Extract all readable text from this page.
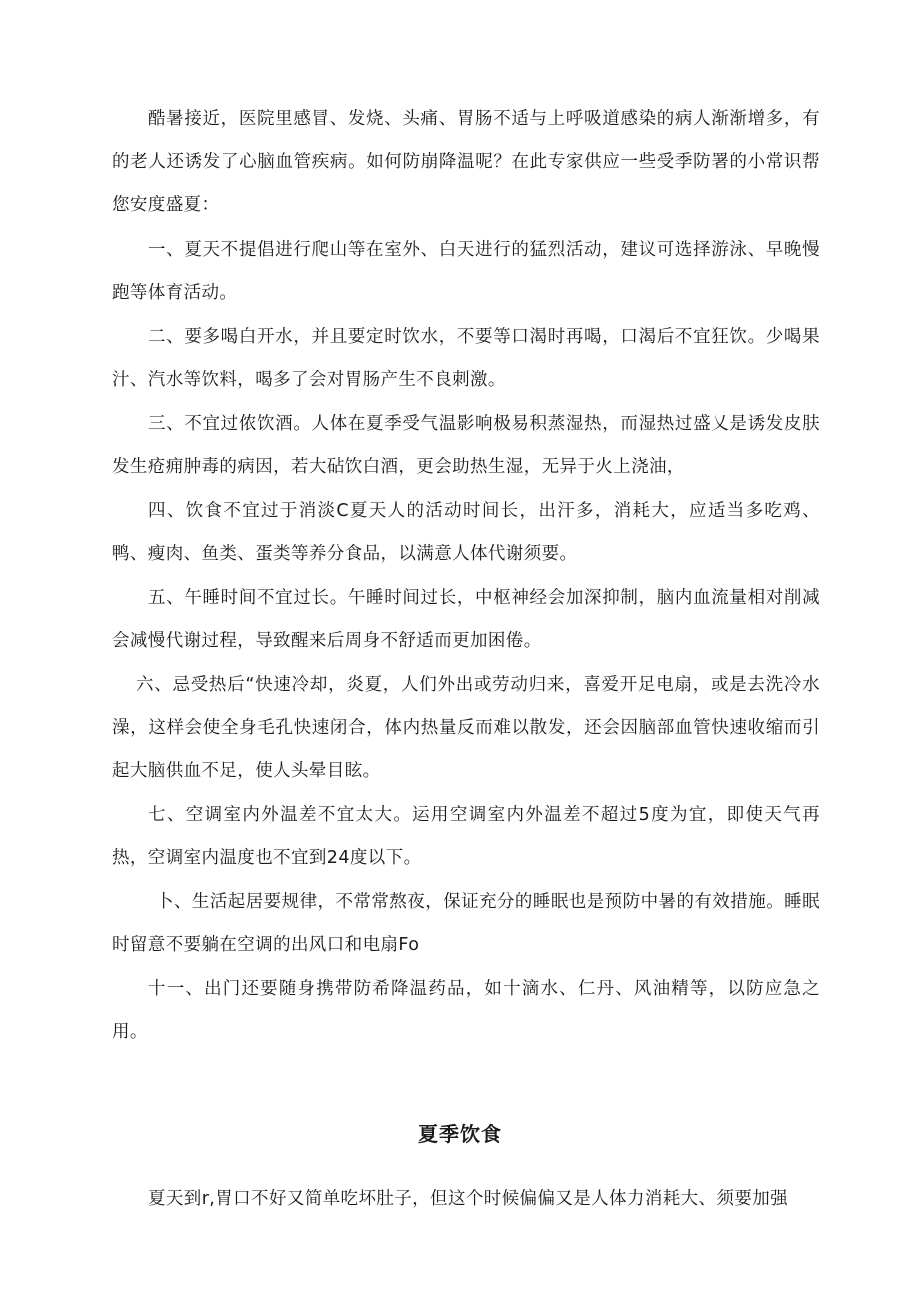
酷暑接近，医院里感冒、发烧、头痛、胃肠不适与上呼吸道感染的病人渐渐增多，有的老人还诱发了心脑血管疾病。如何防崩降温呢？在此专家供应一些受季防署的小常识帮您安度盛夏：

一、夏天不提倡进行爬山等在室外、白天进行的猛烈活动，建议可选择游泳、早晚慢跑等体育活动。

二、要多喝白开水，并且要定时饮水，不要等口渴时再喝，口渴后不宜狂饮。少喝果汁、汽水等饮料，喝多了会对胃肠产生不良刺激。

三、不宜过侬饮酒。人体在夏季受气温影响极易积蒸湿热，而湿热过盛乂是诱发皮肤发生疮痈肿毒的病因，若大砧饮白酒，更会助热生湿，无异于火上浇油，

四、饮食不宜过于消淡C夏天人的活动时间长，出汗多，消耗大，应适当多吃鸡、鸭、瘦肉、鱼类、蛋类等养分食品，以满意人体代谢须要。

五、午睡时间不宜过长。午睡时间过长，中枢神经会加深抑制，脑内血流量相对削减会减慢代谢过程，导致醒来后周身不舒适而更加困倦。

六、忌受热后“快速冷却，炎夏，人们外出或劳动归来，喜爱开足电扇，或是去洗冷水澡，这样会使全身毛孔快速闭合，体内热量反而难以散发，还会因脑部血管快速收缩而引起大脑供血不足，使人头晕目眩。

七、空调室内外温差不宜太大。运用空调室内外温差不超过5度为宜，即使天气再热，空调室内温度也不宜到24度以下。

卜、生活起居要规律，不常常熬夜，保证充分的睡眠也是预防中暑的有效措施。睡眠时留意不要躺在空调的出风口和电扇Fo

十一、出门还要随身携带防希降温药品，如十滴水、仁丹、风油精等，以防应急之用。

夏季饮食

夏天到r,胃口不好又简单吃坏肚子，但这个时候偏偏又是人体力消耗大、须要加强
